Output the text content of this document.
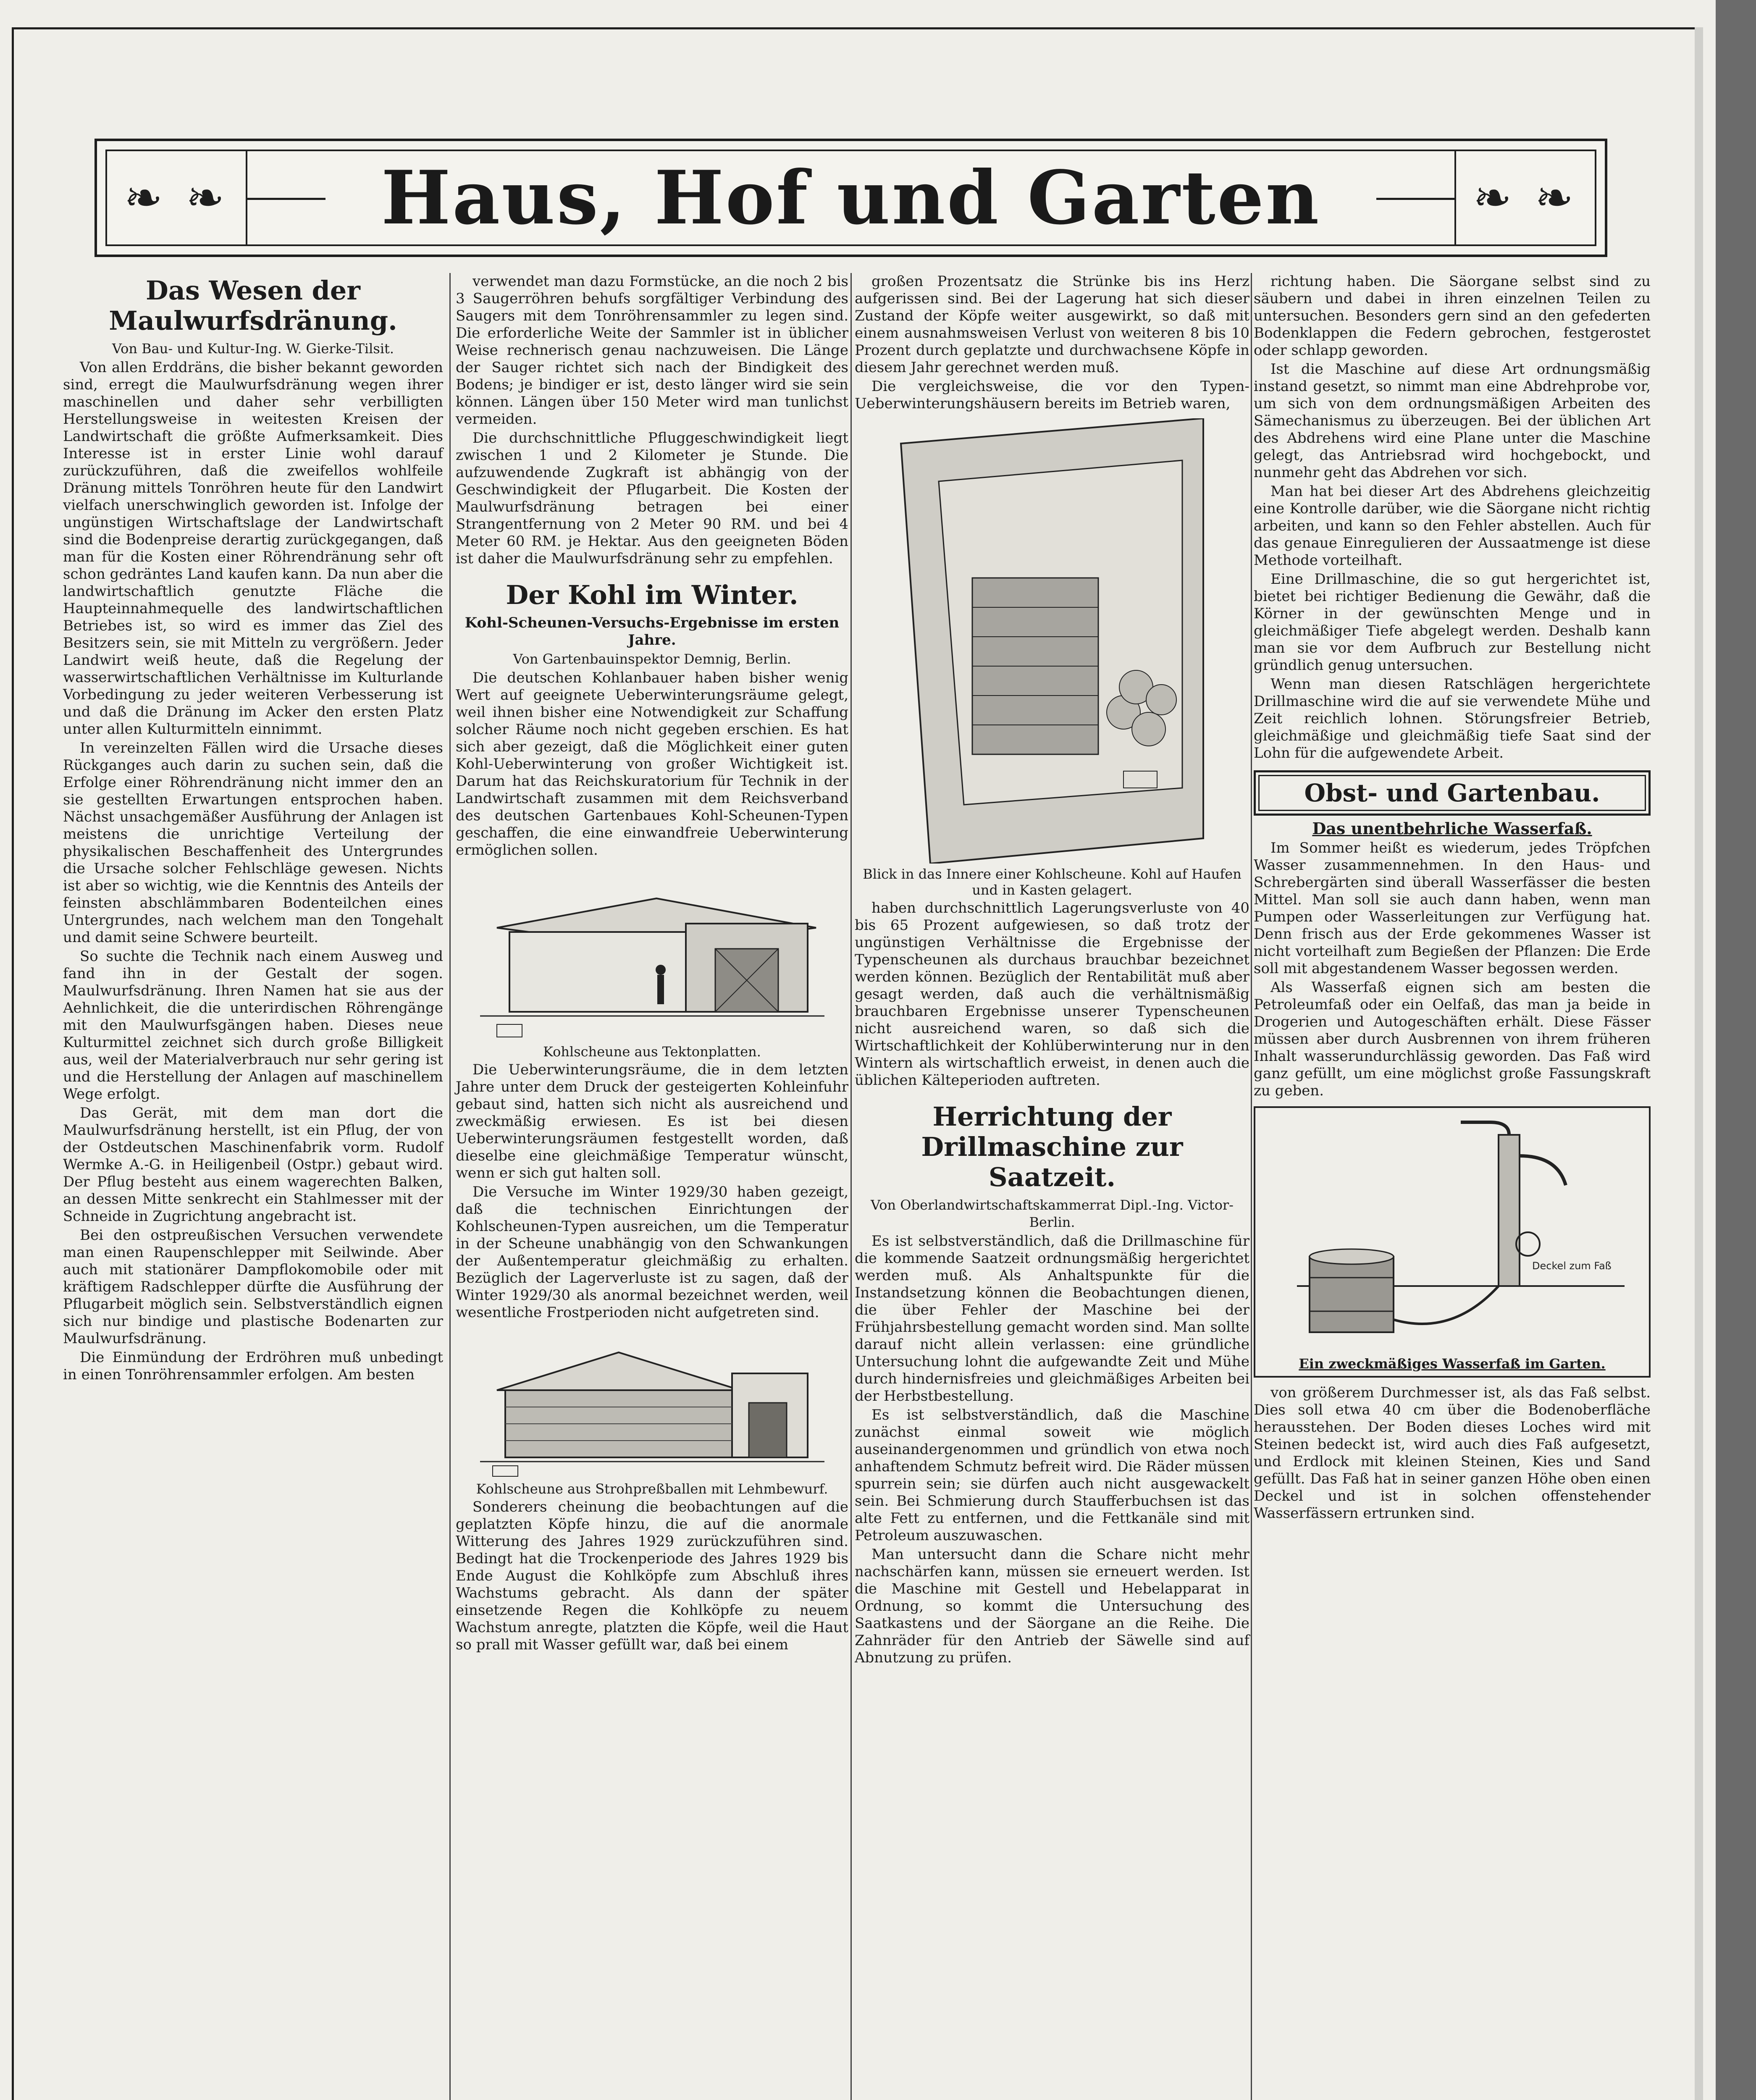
❧ ❧	Haus, Hof und Garten	❧ ❧
Das Wesen der Maulwurfsdränung.

Von Bau- und Kultur-Ing. W. Gierke-Tilsit.

Von allen Erddräns, die bisher bekannt geworden sind, erregt die Maulwurfsdränung wegen ihrer maschinellen und daher sehr verbilligten Herstellungsweise in weitesten Kreisen der Landwirtschaft die größte Aufmerksamkeit. Dies Interesse ist in erster Linie wohl darauf zurückzuführen, daß die zweifellos wohlfeile Dränung mittels Tonröhren heute für den Landwirt vielfach unerschwinglich geworden ist. Infolge der ungünstigen Wirtschaftslage der Landwirtschaft sind die Bodenpreise derartig zurückgegangen, daß man für die Kosten einer Röhrendränung sehr oft schon gedräntes Land kaufen kann. Da nun aber die landwirtschaftlich genutzte Fläche die Haupteinnahmequelle des landwirtschaftlichen Betriebes ist, so wird es immer das Ziel des Besitzers sein, sie mit Mitteln zu vergrößern. Jeder Landwirt weiß heute, daß die Regelung der wasserwirtschaftlichen Verhältnisse im Kulturlande Vorbedingung zu jeder weiteren Verbesserung ist und daß die Dränung im Acker den ersten Platz unter allen Kulturmitteln einnimmt.

In vereinzelten Fällen wird die Ursache dieses Rückganges auch darin zu suchen sein, daß die Erfolge einer Röhrendränung nicht immer den an sie gestellten Erwartungen entsprochen haben. Nächst unsachgemäßer Ausführung der Anlagen ist meistens die unrichtige Verteilung der physikalischen Beschaffenheit des Untergrundes die Ursache solcher Fehlschläge gewesen. Nichts ist aber so wichtig, wie die Kenntnis des Anteils der feinsten abschlämmbaren Bodenteilchen eines Untergrundes, nach welchem man den Tongehalt und damit seine Schwere beurteilt.

So suchte die Technik nach einem Ausweg und fand ihn in der Gestalt der sogen. Maulwurfsdränung. Ihren Namen hat sie aus der Aehnlichkeit, die die unterirdischen Röhrengänge mit den Maulwurfsgängen haben. Dieses neue Kulturmittel zeichnet sich durch große Billigkeit aus, weil der Materialverbrauch nur sehr gering ist und die Herstellung der Anlagen auf maschinellem Wege erfolgt.

Das Gerät, mit dem man dort die Maulwurfsdränung herstellt, ist ein Pflug, der von der Ostdeutschen Maschinenfabrik vorm. Rudolf Wermke A.-G. in Heiligenbeil (Ostpr.) gebaut wird. Der Pflug besteht aus einem wagerechten Balken, an dessen Mitte senkrecht ein Stahlmesser mit der Schneide in Zugrichtung angebracht ist.

Bei den ostpreußischen Versuchen verwendete man einen Raupenschlepper mit Seilwinde. Aber auch mit stationärer Dampflokomobile oder mit kräftigem Radschlepper dürfte die Ausführung der Pflugarbeit möglich sein. Selbstverständlich eignen sich nur bindige und plastische Bodenarten zur Maulwurfsdränung.

Die Einmündung der Erdröhren muß unbedingt in einen Tonröhrensammler erfolgen. Am besten

verwendet man dazu Formstücke, an die noch 2 bis 3 Saugerröhren behufs sorgfältiger Verbindung des Saugers mit dem Tonröhrensammler zu legen sind. Die erforderliche Weite der Sammler ist in üblicher Weise rechnerisch genau nachzuweisen. Die Länge der Sauger richtet sich nach der Bindigkeit des Bodens; je bindiger er ist, desto länger wird sie sein können. Längen über 150 Meter wird man tunlichst vermeiden.

Die durchschnittliche Pfluggeschwindigkeit liegt zwischen 1 und 2 Kilometer je Stunde. Die aufzuwendende Zugkraft ist abhängig von der Geschwindigkeit der Pflugarbeit. Die Kosten der Maulwurfsdränung betragen bei einer Strangentfernung von 2 Meter 90 RM. und bei 4 Meter 60 RM. je Hektar. Aus den geeigneten Böden ist daher die Maulwurfsdränung sehr zu empfehlen.

Der Kohl im Winter.

Kohl-Scheunen-Versuchs-Ergebnisse im ersten Jahre.

Von Gartenbauinspektor Demnig, Berlin.

Die deutschen Kohlanbauer haben bisher wenig Wert auf geeignete Ueberwinterungsräume gelegt, weil ihnen bisher eine Notwendigkeit zur Schaffung solcher Räume noch nicht gegeben erschien. Es hat sich aber gezeigt, daß die Möglichkeit einer guten Kohl-Ueberwinterung von großer Wichtigkeit ist. Darum hat das Reichskuratorium für Technik in der Landwirtschaft zusammen mit dem Reichsverband des deutschen Gartenbaues Kohl-Scheunen-Typen geschaffen, die eine einwandfreie Ueberwinterung ermöglichen sollen.

Kohlscheune aus Tektonplatten.

Die Ueberwinterungsräume, die in dem letzten Jahre unter dem Druck der gesteigerten Kohleinfuhr gebaut sind, hatten sich nicht als ausreichend und zweckmäßig erwiesen. Es ist bei diesen Ueberwinterungsräumen festgestellt worden, daß dieselbe eine gleichmäßige Temperatur wünscht, wenn er sich gut halten soll.

Die Versuche im Winter 1929/30 haben gezeigt, daß die technischen Einrichtungen der Kohlscheunen-Typen ausreichen, um die Temperatur in der Scheune unabhängig von den Schwankungen der Außentemperatur gleichmäßig zu erhalten. Bezüglich der Lagerverluste ist zu sagen, daß der Winter 1929/30 als anormal bezeichnet werden, weil wesentliche Frostperioden nicht aufgetreten sind.

Kohlscheune aus Strohpreßballen mit Lehmbewurf.

Sonderers cheinung die beobachtungen auf die geplatzten Köpfe hinzu, die auf die anormale Witterung des Jahres 1929 zurückzuführen sind. Bedingt hat die Trockenperiode des Jahres 1929 bis Ende August die Kohlköpfe zum Abschluß ihres Wachstums gebracht. Als dann der später einsetzende Regen die Kohlköpfe zu neuem Wachstum anregte, platzten die Köpfe, weil die Haut so prall mit Wasser gefüllt war, daß bei einem

großen Prozentsatz die Strünke bis ins Herz aufgerissen sind. Bei der Lagerung hat sich dieser Zustand der Köpfe weiter ausgewirkt, so daß mit einem ausnahmsweisen Verlust von weiteren 8 bis 10 Prozent durch geplatzte und durchwachsene Köpfe in diesem Jahr gerechnet werden muß.

Die vergleichsweise, die vor den Typen-Ueberwinterungshäusern bereits im Betrieb waren,

Blick in das Innere einer Kohlscheune. Kohl auf Haufen und in Kasten gelagert.

haben durchschnittlich Lagerungsverluste von 40 bis 65 Prozent aufgewiesen, so daß trotz der ungünstigen Verhältnisse die Ergebnisse der Typenscheunen als durchaus brauchbar bezeichnet werden können. Bezüglich der Rentabilität muß aber gesagt werden, daß auch die verhältnismäßig brauchbaren Ergebnisse unserer Typenscheunen nicht ausreichend waren, so daß sich die Wirtschaftlichkeit der Kohlüberwinterung nur in den Wintern als wirtschaftlich erweist, in denen auch die üblichen Kälteperioden auftreten.

Herrichtung der Drillmaschine zur Saatzeit.

Von Oberlandwirtschaftskammerrat Dipl.-Ing. Victor-Berlin.

Es ist selbstverständlich, daß die Drillmaschine für die kommende Saatzeit ordnungsmäßig hergerichtet werden muß. Als Anhaltspunkte für die Instandsetzung können die Beobachtungen dienen, die über Fehler der Maschine bei der Frühjahrsbestellung gemacht worden sind. Man sollte darauf nicht allein verlassen: eine gründliche Untersuchung lohnt die aufgewandte Zeit und Mühe durch hindernisfreies und gleichmäßiges Arbeiten bei der Herbstbestellung.

Es ist selbstverständlich, daß die Maschine zunächst einmal soweit wie möglich auseinandergenommen und gründlich von etwa noch anhaftendem Schmutz befreit wird. Die Räder müssen spurrein sein; sie dürfen auch nicht ausgewackelt sein. Bei Schmierung durch Staufferbuchsen ist das alte Fett zu entfernen, und die Fettkanäle sind mit Petroleum auszuwaschen.

Man untersucht dann die Schare nicht mehr nachschärfen kann, müssen sie erneuert werden. Ist die Maschine mit Gestell und Hebelapparat in Ordnung, so kommt die Untersuchung des Saatkastens und der Säorgane an die Reihe. Die Zahnräder für den Antrieb der Säwelle sind auf Abnutzung zu prüfen.

richtung haben. Die Säorgane selbst sind zu säubern und dabei in ihren einzelnen Teilen zu untersuchen. Besonders gern sind an den gefederten Bodenklappen die Federn gebrochen, festgerostet oder schlapp geworden.

Ist die Maschine auf diese Art ordnungsmäßig instand gesetzt, so nimmt man eine Abdrehprobe vor, um sich von dem ordnungsmäßigen Arbeiten des Sämechanismus zu überzeugen. Bei der üblichen Art des Abdrehens wird eine Plane unter die Maschine gelegt, das Antriebsrad wird hochgebockt, und nunmehr geht das Abdrehen vor sich.

Man hat bei dieser Art des Abdrehens gleichzeitig eine Kontrolle darüber, wie die Säorgane nicht richtig arbeiten, und kann so den Fehler abstellen. Auch für das genaue Einregulieren der Aussaatmenge ist diese Methode vorteilhaft.

Eine Drillmaschine, die so gut hergerichtet ist, bietet bei richtiger Bedienung die Gewähr, daß die Körner in der gewünschten Menge und in gleichmäßiger Tiefe abgelegt werden. Deshalb kann man sie vor dem Aufbruch zur Bestellung nicht gründlich genug untersuchen.

Wenn man diesen Ratschlägen hergerichtete Drillmaschine wird die auf sie verwendete Mühe und Zeit reichlich lohnen. Störungsfreier Betrieb, gleichmäßige und gleichmäßig tiefe Saat sind der Lohn für die aufgewendete Arbeit.

Obst- und Gartenbau.
Das unentbehrliche Wasserfaß.

Im Sommer heißt es wiederum, jedes Tröpfchen Wasser zusammennehmen. In den Haus- und Schrebergärten sind überall Wasserfässer die besten Mittel. Man soll sie auch dann haben, wenn man Pumpen oder Wasserleitungen zur Verfügung hat. Denn frisch aus der Erde gekommenes Wasser ist nicht vorteilhaft zum Begießen der Pflanzen: Die Erde soll mit abgestandenem Wasser begossen werden.

Als Wasserfaß eignen sich am besten die Petroleumfaß oder ein Oelfaß, das man ja beide in Drogerien und Autogeschäften erhält. Diese Fässer müssen aber durch Ausbrennen von ihrem früheren Inhalt wasserundurchlässig geworden. Das Faß wird ganz gefüllt, um eine möglichst große Fassungskraft zu geben.

Deckel zum Faß

Ein zweckmäßiges Wasserfaß im Garten.

von größerem Durchmesser ist, als das Faß selbst. Dies soll etwa 40 cm über die Bodenoberfläche herausstehen. Der Boden dieses Loches wird mit Steinen bedeckt ist, wird auch dies Faß aufgesetzt, und Erdlock mit kleinen Steinen, Kies und Sand gefüllt. Das Faß hat in seiner ganzen Höhe oben einen Deckel und ist in solchen offenstehender Wasserfässern ertrunken sind.
